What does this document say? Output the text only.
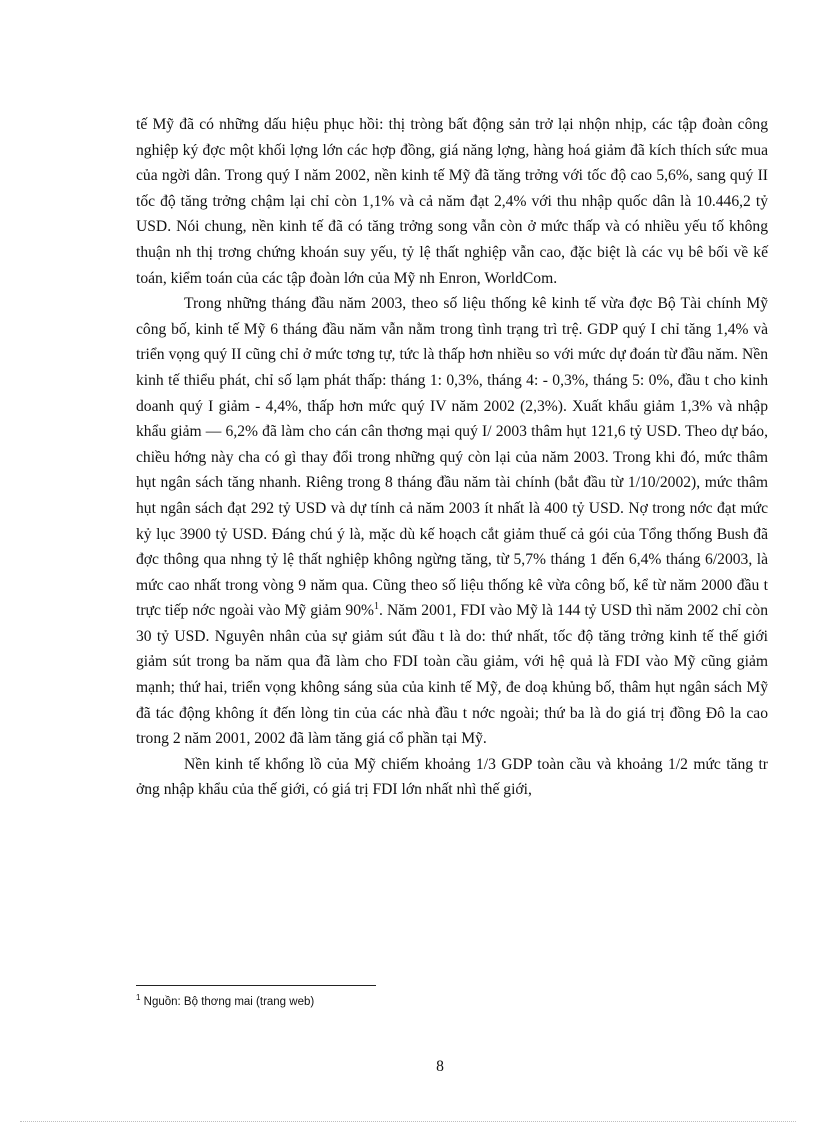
tế Mỹ đã có những dấu hiệu phục hồi: thị tròng bất động sản trở lại nhộn nhịp, các tập đoàn công nghiệp ký đợc một khối lợng lớn các hợp đồng, giá năng lợng, hàng hoá giảm đã kích thích sức mua của ngời dân. Trong quý I năm 2002, nền kinh tế Mỹ đã tăng trởng với tốc độ cao 5,6%, sang quý II tốc độ tăng trởng chậm lại chỉ còn 1,1% và cả năm đạt 2,4% với thu nhập quốc dân là 10.446,2 tỷ USD. Nói chung, nền kinh tế đã có tăng trởng song vẫn còn ở mức thấp và có nhiều yếu tố không thuận nh thị trơng chứng khoán suy yếu, tỷ lệ thất nghiệp vẫn cao, đặc biệt là các vụ bê bối về kế toán, kiểm toán của các tập đoàn lớn của Mỹ nh Enron, WorldCom.

Trong những tháng đầu năm 2003, theo số liệu thống kê kinh tế vừa đợc Bộ Tài chính Mỹ công bố, kinh tế Mỹ 6 tháng đầu năm vẫn nằm trong tình trạng trì trệ. GDP quý I chỉ tăng 1,4% và triển vọng quý II cũng chỉ ở mức tơng tự, tức là thấp hơn nhiều so với mức dự đoán từ đầu năm. Nền kinh tế thiểu phát, chỉ số lạm phát thấp: tháng 1: 0,3%, tháng 4: - 0,3%, tháng 5: 0%, đầu t cho kinh doanh quý I giảm - 4,4%, thấp hơn mức quý IV năm 2002 (2,3%). Xuất khẩu giảm 1,3% và nhập khẩu giảm — 6,2% đã làm cho cán cân thơng mại quý I/ 2003 thâm hụt 121,6 tỷ USD. Theo dự báo, chiều hớng này cha có gì thay đổi trong những quý còn lại của năm 2003. Trong khi đó, mức thâm hụt ngân sách tăng nhanh. Riêng trong 8 tháng đầu năm tài chính (bắt đầu từ 1/10/2002), mức thâm hụt ngân sách đạt 292 tỷ USD và dự tính cả năm 2003 ít nhất là 400 tỷ USD. Nợ trong nớc đạt mức kỷ lục 3900 tỷ USD. Đáng chú ý là, mặc dù kế hoạch cắt giảm thuế cả gói của Tổng thống Bush đã đợc thông qua nhng tỷ lệ thất nghiệp không ngừng tăng, từ 5,7% tháng 1 đến 6,4% tháng 6/2003, là mức cao nhất trong vòng 9 năm qua. Cũng theo số liệu thống kê vừa công bố, kể từ năm 2000 đầu t trực tiếp nớc ngoài vào Mỹ giảm 90%$^1$. Năm 2001, FDI vào Mỹ là 144 tỷ USD thì năm 2002 chỉ còn 30 tỷ USD. Nguyên nhân của sự giảm sút đầu t là do: thứ nhất, tốc độ tăng trởng kinh tế thế giới giảm sút trong ba năm qua đã làm cho FDI toàn cầu giảm, với hệ quả là FDI vào Mỹ cũng giảm mạnh; thứ hai, triển vọng không sáng sủa của kinh tế Mỹ, đe doạ khủng bố, thâm hụt ngân sách Mỹ đã tác động không ít đến lòng tin của các nhà đầu t nớc ngoài; thứ ba là do giá trị đồng Đô la cao trong 2 năm 2001, 2002 đã làm tăng giá cổ phần tại Mỹ.

Nền kinh tế khổng lồ của Mỹ chiếm khoảng 1/3 GDP toàn cầu và khoảng 1/2 mức tăng tr ởng nhập khẩu của thế giới, có giá trị FDI lớn nhất nhì thế giới,

$^1$ Nguồn: Bộ thơng mai (trang web)
8
